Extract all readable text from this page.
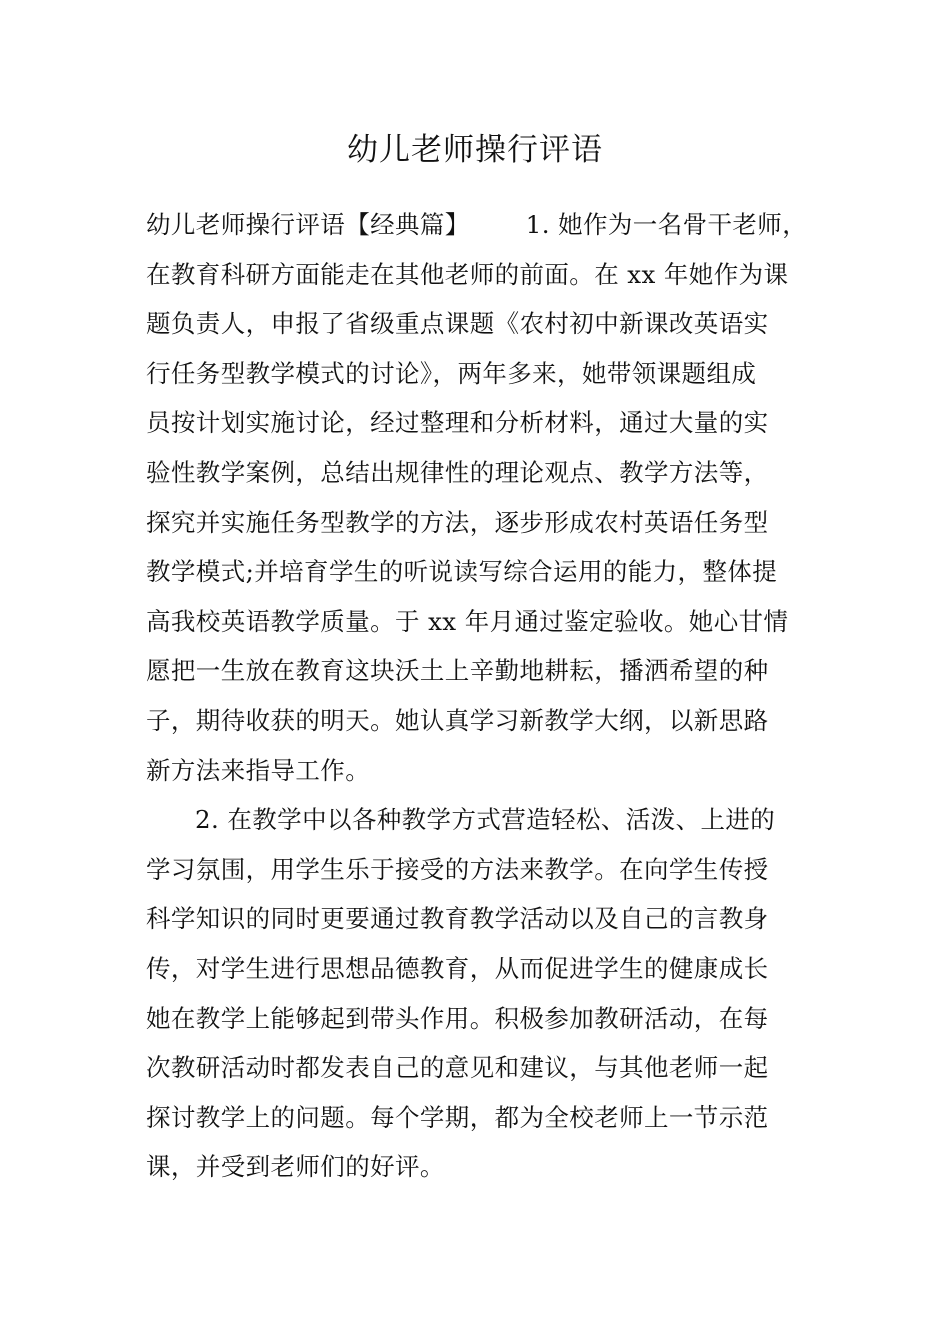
幼儿老师操行评语
幼儿老师操行评语【经典篇】 1. 她作为一名骨干老师，
在教育科研方面能走在其他老师的前面。在 xx 年她作为课
题负责人，申报了省级重点课题《农村初中新课改英语实
行任务型教学模式的讨论》，两年多来，她带领课题组成
员按计划实施讨论，经过整理和分析材料，通过大量的实
验性教学案例，总结出规律性的理论观点、教学方法等，
探究并实施任务型教学的方法，逐步形成农村英语任务型
教学模式;并培育学生的听说读写综合运用的能力，整体提
高我校英语教学质量。于 xx 年月通过鉴定验收。她心甘情
愿把一生放在教育这块沃土上辛勤地耕耘，播洒希望的种
子，期待收获的明天。她认真学习新教学大纲，以新思路
新方法来指导工作。
2. 在教学中以各种教学方式营造轻松、活泼、上进的
学习氛围，用学生乐于接受的方法来教学。在向学生传授
科学知识的同时更要通过教育教学活动以及自己的言教身
传，对学生进行思想品德教育，从而促进学生的健康成长
她在教学上能够起到带头作用。积极参加教研活动，在每
次教研活动时都发表自己的意见和建议，与其他老师一起
探讨教学上的问题。每个学期，都为全校老师上一节示范
课，并受到老师们的好评。
